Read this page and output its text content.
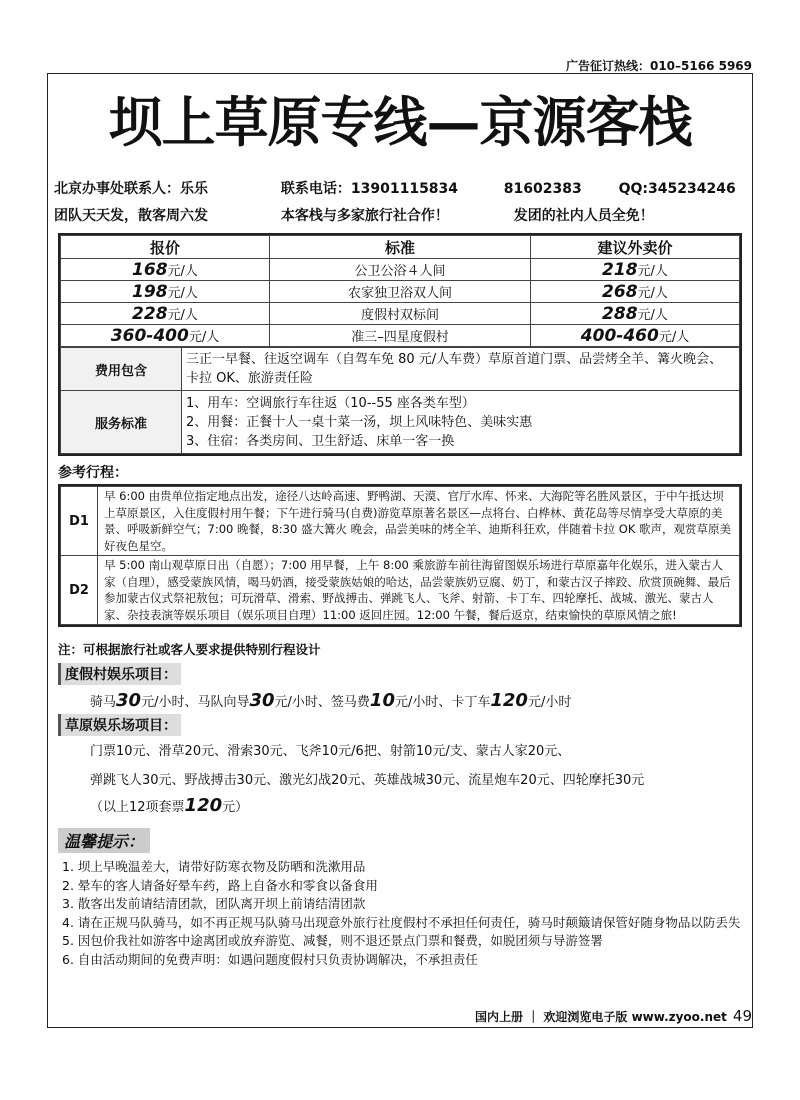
广告征订热线：010–5166 5969
坝上草原专线—京源客栈
北京办事处联系人：乐乐	联系电话：13901115834	81602383	QQ:345234246
团队天天发，散客周六发	本客栈与多家旅行社合作！	发团的社内人员全免！
报价	标准	建议外卖价
168元/人	公卫公浴４人间	218元/人
198元/人	农家独卫浴双人间	268元/人
228元/人	度假村双标间	288元/人
360-400元/人	准三–四星度假村	400-460元/人
费用包含	三正一早餐、往返空调车（自驾车免 80 元/人车费）草原首道门票、品尝烤全羊、篝火晚会、卡拉 OK、旅游责任险
服务标准	1、用车：空调旅行车往返（10--55 座各类车型）
2、用餐：正餐十人一桌十菜一汤，坝上风味特色、美味实惠
3、住宿：各类房间、卫生舒适、床单一客一换
参考行程：
D1	早 6:00 由贵单位指定地点出发，途径八达岭高速、野鸭湖、天漠、官厅水库、怀来、大海陀等名胜风景区，于中午抵达坝上草原景区，入住度假村用午餐；下午进行骑马(自费)游览草原著名景区—点将台、白桦林、黄花岛等尽情享受大草原的美景、呼吸新鲜空气；7:00 晚餐，8:30 盛大篝火 晚会，品尝美味的烤全羊、迪斯科狂欢，伴随着卡拉 OK 歌声，观赏草原美好夜色星空。
D2	早 5:00 南山观草原日出（自愿）；7:00 用早餐，上午 8:00 乘旅游车前往海留图娱乐场进行草原嘉年化娱乐，进入蒙古人家（自理），感受蒙族风情，喝马奶酒，接受蒙族姑娘的哈达，品尝蒙族奶豆腐、奶丁，和蒙古汉子摔跤、欣赏顶碗舞、最后参加蒙古仪式祭祀敖包；可玩滑草、滑索、野战搏击、弹跳飞人、飞斧、射箭、卡丁车、四轮摩托、战城、激光、蒙古人家、杂技表演等娱乐项目（娱乐项目自理）11:00 返回庄园。12:00 午餐，餐后返京，结束愉快的草原风情之旅!
注：可根据旅行社或客人要求提供特别行程设计
度假村娱乐项目：
骑马30元/小时、马队向导30元/小时、签马费10元/小时、卡丁车120元/小时
草原娱乐场项目：
门票10元、滑草20元、滑索30元、飞斧10元/6把、射箭10元/支、蒙古人家20元、
弹跳飞人30元、野战搏击30元、激光幻战20元、英雄战城30元、流星炮车20元、四轮摩托30元
（以上12项套票120元）
温馨提示：
1. 坝上早晚温差大，请带好防寒衣物及防晒和洗漱用品
2. 晕车的客人请备好晕车药，路上自备水和零食以备食用
3. 散客出发前请结清团款，团队离开坝上前请结清团款
4. 请在正规马队骑马，如不再正规马队骑马出现意外旅行社度假村不承担任何责任，骑马时颠簸请保管好随身物品以防丢失
5. 因包价我社如游客中途离团或放弃游览、减餐，则不退还景点门票和餐费，如脱团须与导游签署
6. 自由活动期间的免费声明：如遇问题度假村只负责协调解决，不承担责任
国内上册 ｜ 欢迎浏览电子版 www.zyoo.net 49
